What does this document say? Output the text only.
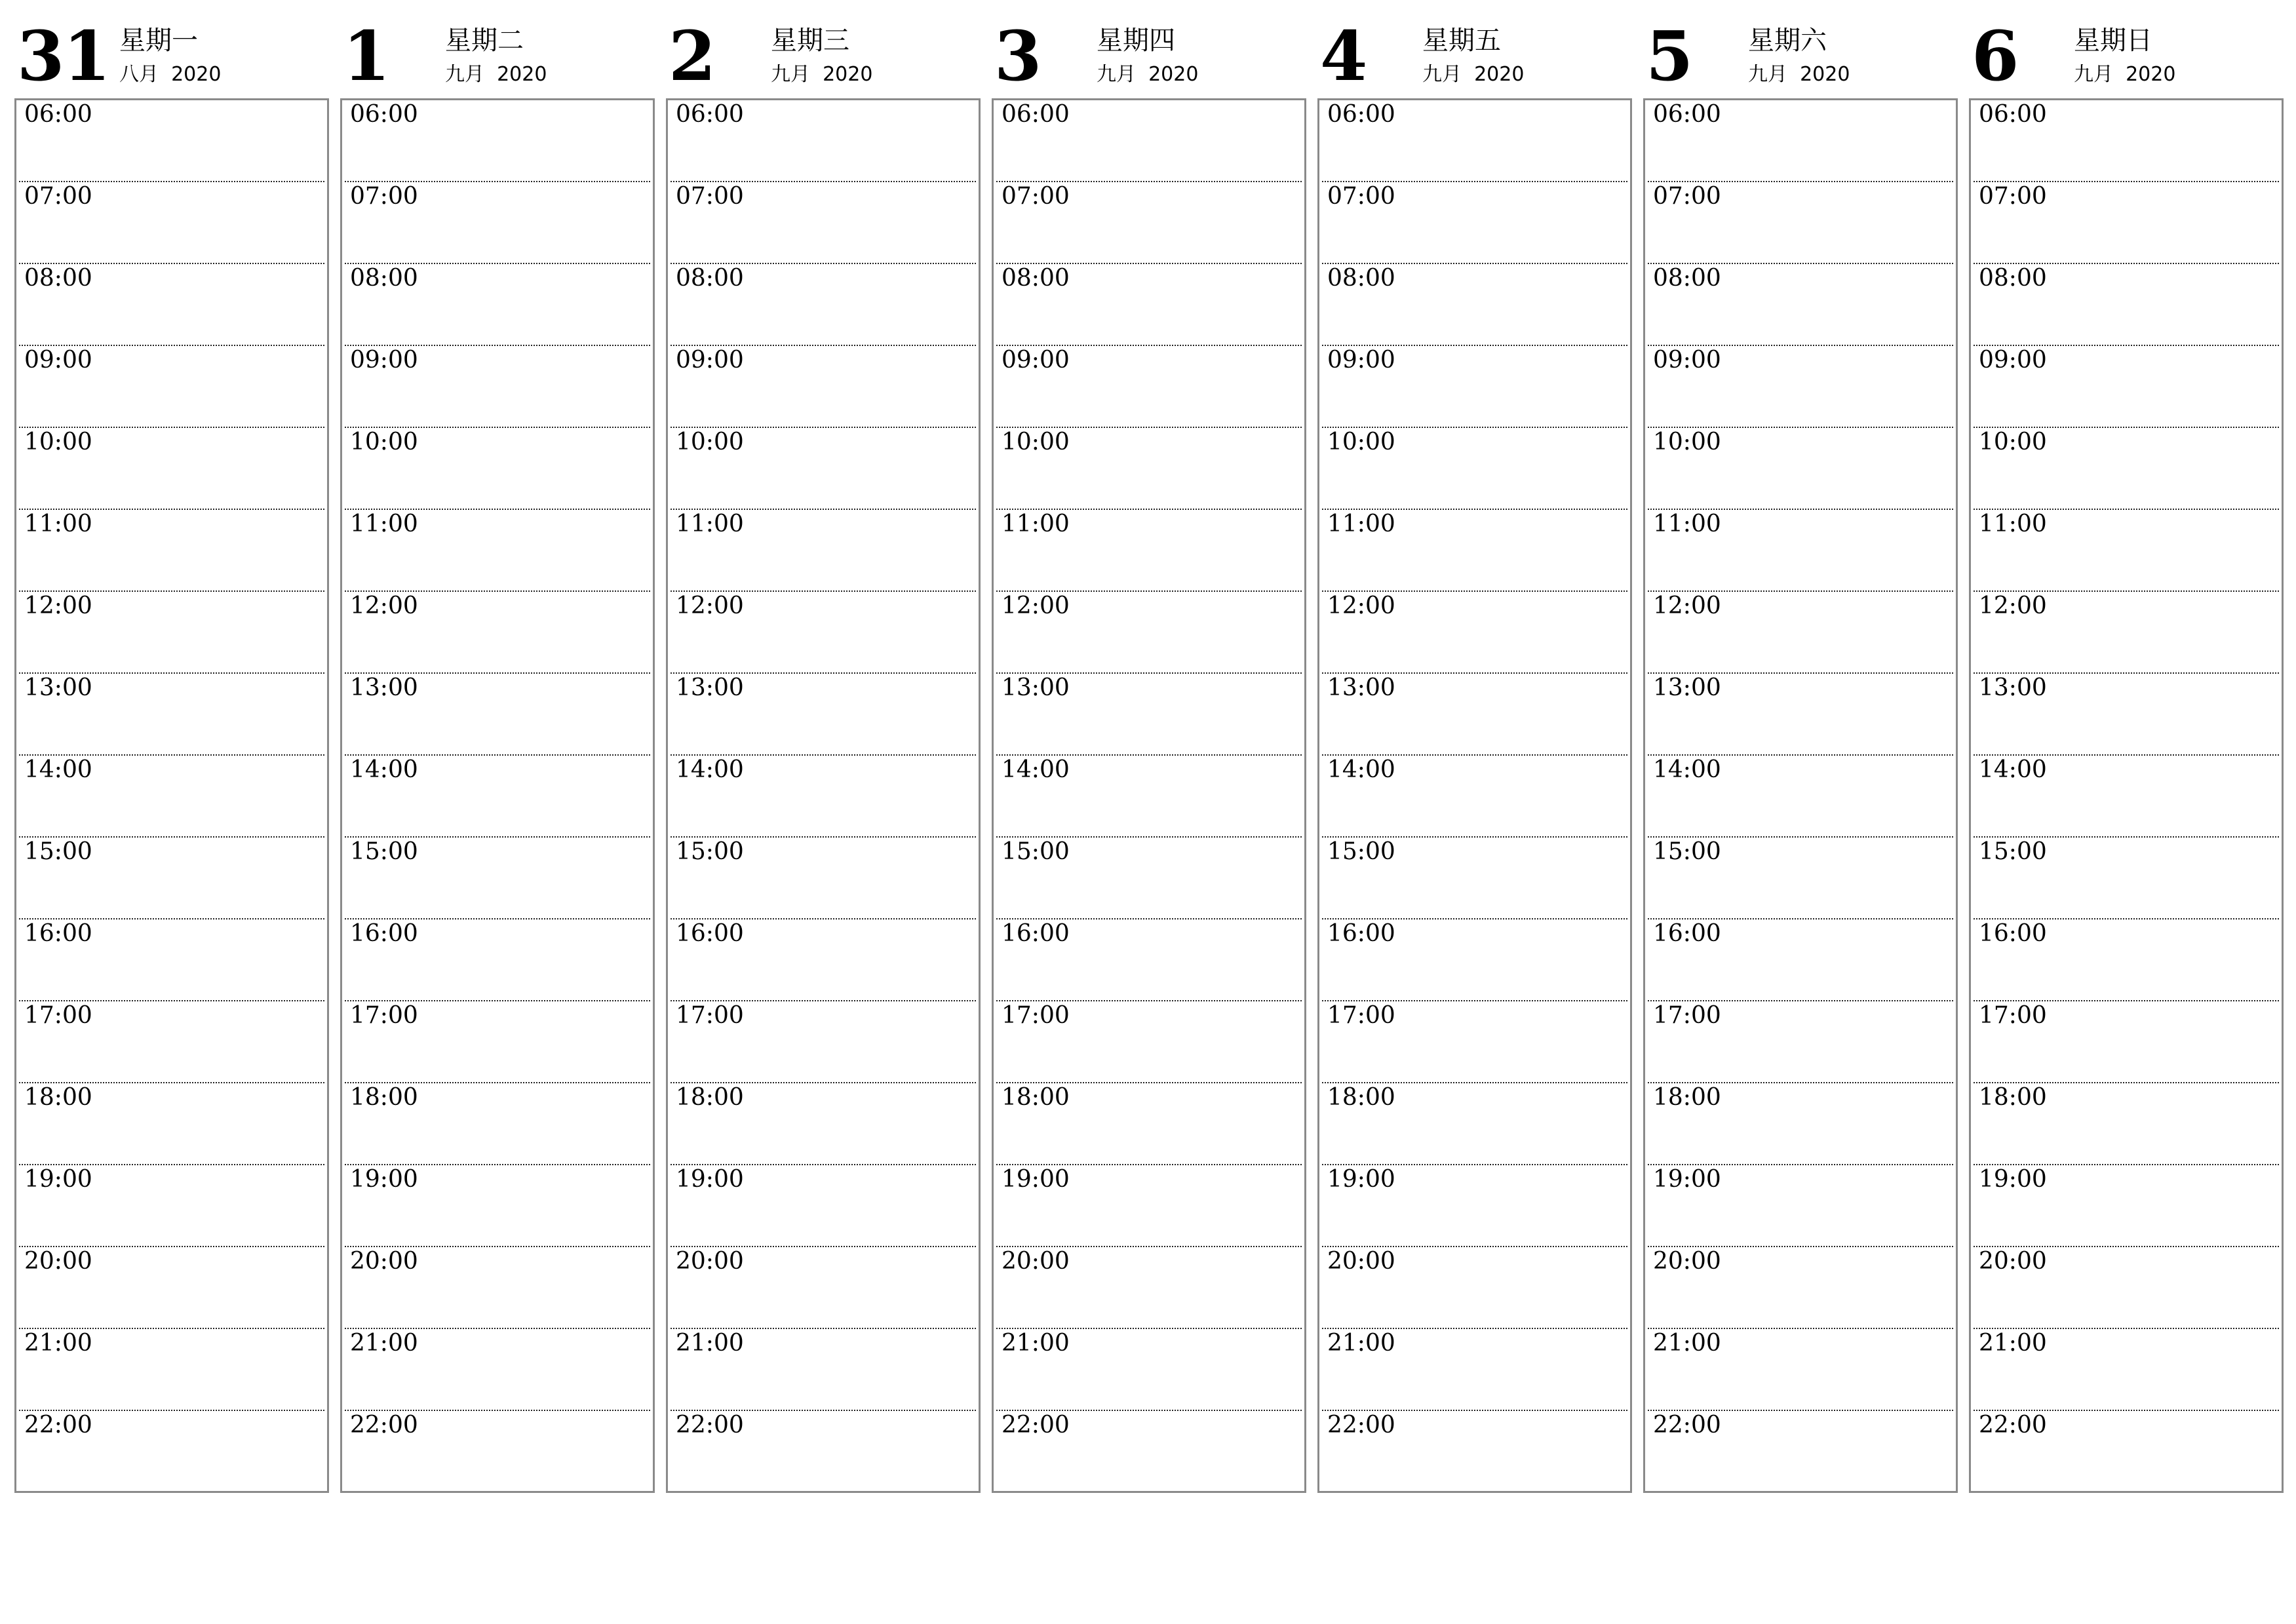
31 星期一
八月 2020
06:00
07:00
08:00
09:00
10:00
11:00
12:00
13:00
14:00
15:00
16:00
17:00
18:00
19:00
20:00
21:00
22:00
1 星期二
九月 2020
06:00
07:00
08:00
09:00
10:00
11:00
12:00
13:00
14:00
15:00
16:00
17:00
18:00
19:00
20:00
21:00
22:00
2 星期三
九月 2020
06:00
07:00
08:00
09:00
10:00
11:00
12:00
13:00
14:00
15:00
16:00
17:00
18:00
19:00
20:00
21:00
22:00
3 星期四
九月 2020
06:00
07:00
08:00
09:00
10:00
11:00
12:00
13:00
14:00
15:00
16:00
17:00
18:00
19:00
20:00
21:00
22:00
4 星期五
九月 2020
06:00
07:00
08:00
09:00
10:00
11:00
12:00
13:00
14:00
15:00
16:00
17:00
18:00
19:00
20:00
21:00
22:00
5 星期六
九月 2020
06:00
07:00
08:00
09:00
10:00
11:00
12:00
13:00
14:00
15:00
16:00
17:00
18:00
19:00
20:00
21:00
22:00
6 星期日
九月 2020
06:00
07:00
08:00
09:00
10:00
11:00
12:00
13:00
14:00
15:00
16:00
17:00
18:00
19:00
20:00
21:00
22:00
